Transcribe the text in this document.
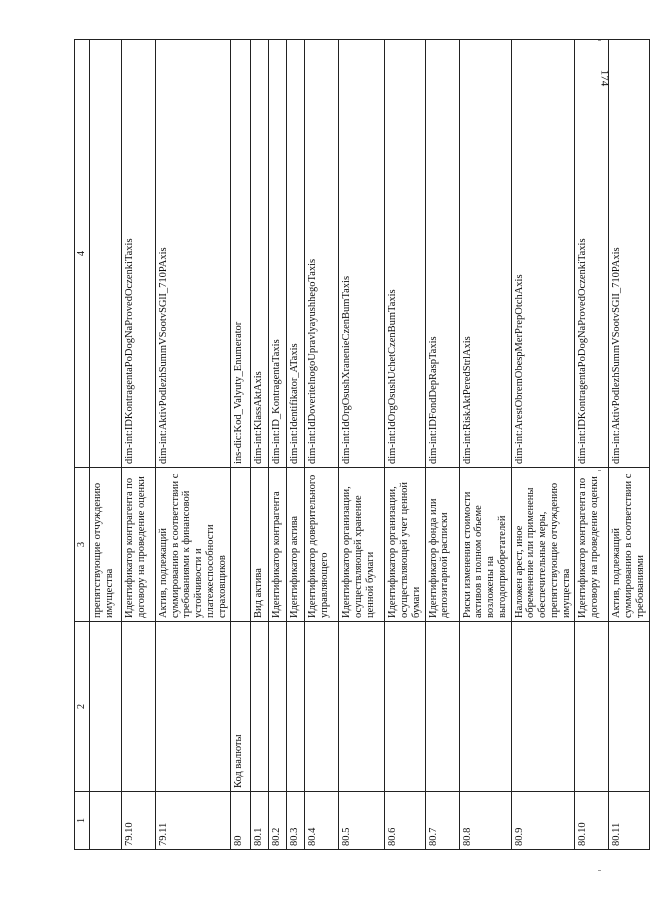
174
1	2	3	4
		препятствующие отчуждению имущества	
79.10		Идентификатор контрагента по договору на проведение оценки	dim-int:IDKontragentaPoDogNaProvedOczenkiTaxis
79.11		Актив, подлежащий суммированию в соответствии с требованиями к финансовой устойчивости и платежеспособности страховщиков	dim-int:AktivPodlezhSummVSootvSGlI_710PAxis
80	Код валюты		ins-dic:Kod_Valyuty_Enumerator
80.1		Вид актива	dim-int:KlassAktAxis
80.2		Идентификатор контрагента	dim-int:ID_KontragentaTaxis
80.3		Идентификатор актива	dim-int:Identifikator_ATaxis
80.4		Идентификатор доверительного управляющего	dim-int:IdDoveritelnogoUpravlyayushhegoTaxis
80.5		Идентификатор организации, осуществляющей хранение ценной бумаги	dim-int:IdOrgOsushXranenieCzenBumTaxis
80.6		Идентификатор организации, осуществляющей учет ценной бумаги	dim-int:IdOrgOsushUchetCzenBumTaxis
80.7		Идентификатор фонда или депозитарной расписки	dim-int:IDFondDepRaspTaxis
80.8		Риски изменения стоимости активов в полном объеме возложены на выгодоприобретателей	dim-int:RiskAktPeredStrlAxis
80.9		Наложен арест, иное обременение или применены обеспечительные меры, препятствующие отчуждению имущества	dim-int:ArestObremObespMerPrepOtchAxis
80.10		Идентификатор контрагента по договору на проведение оценки	dim-int:IDKontragentaPoDogNaProvedOczenkiTaxis
80.11		Актив, подлежащий суммированию в соответствии с требованиями	dim-int:AktivPodlezhSummVSootvSGlI_710PAxis
